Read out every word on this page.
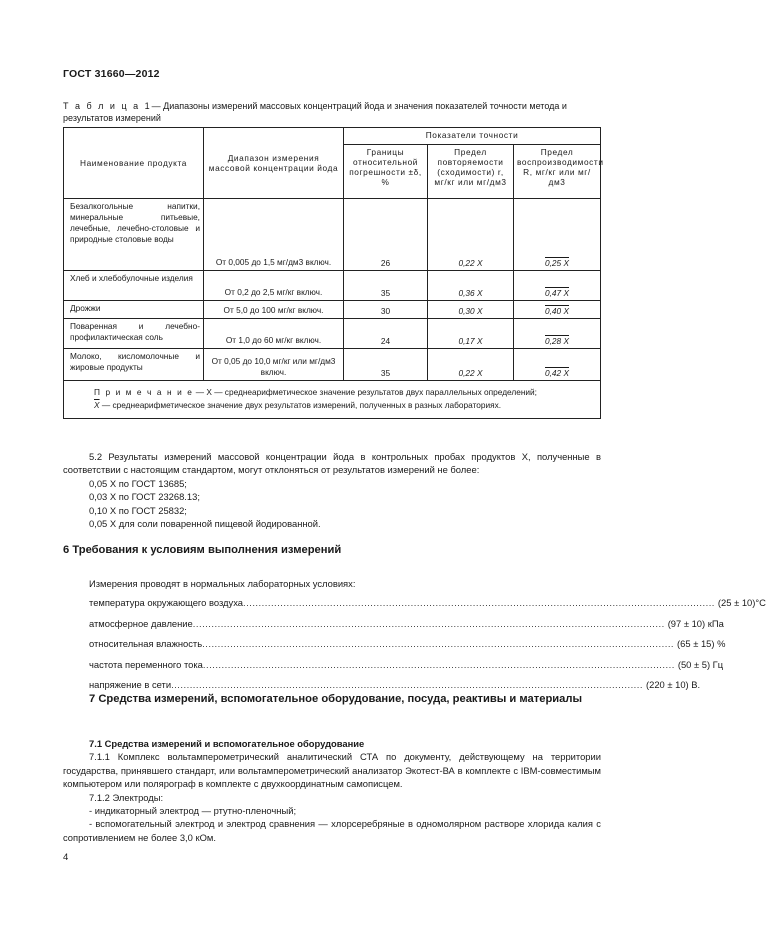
ГОСТ 31660—2012
Т а б л и ц а 1— Диапазоны измерений массовых концентраций йода и значения показателей точности метода и результатов измерений
Наименование продукта	Диапазон измерения массовой концентрации йода	Показатели точности		
		Границы относительной погрешности ±δ, %	Предел повторяемости (сходимости) r, мг/кг или мг/дм3	Предел воспроизводимости R, мг/кг или мг/дм3
Безалкогольные напитки, минеральные питьевые, лечебные, лечебно-столовые и природные столовые воды	От 0,005 до 1,5 мг/дм3 включ.	26	0,22 X	0,25 X
Хлеб и хлебобулочные изделия	От 0,2 до 2,5 мг/кг включ.	35	0,36 X	0,47 X
Дрожжи	От 5,0 до 100 мг/кг включ.	30	0,30 X	0,40 X
Поваренная и лечебно-профилактическая соль	От 1,0 до 60 мг/кг включ.	24	0,17 X	0,28 X
Молоко, кисломолочные и жировые продукты	От 0,05 до 10,0 мг/кг или мг/дм3 включ.	35	0,22 X	0,42 X

П р и м е ч а н и е — X — среднеарифметическое значение результатов двух параллельных определений;
$\overline{X}$ — среднеарифметическое значение двух результатов измерений, полученных в разных лабораториях.				

5.2 Результаты измерений массовой концентрации йода в контрольных пробах продуктов X, полученные в соответствии с настоящим стандартом, могут отклоняться от результатов измерений не более:

0,05 X по ГОСТ 13685;

0,03 X по ГОСТ 23268.13;

0,10 X по ГОСТ 25832;

0,05 X для соли поваренной пищевой йодированной.

6 Требования к условиям выполнения измерений

Измерения проводят в нормальных лабораторных условиях:

температура окружающего воздуха ........................................................................................................................................................ (25 ± 10)°C
атмосферное давление ........................................................................................................................................................ (97 ± 10) кПа
относительная влажность ........................................................................................................................................................ (65 ± 15) %
частота переменного тока ........................................................................................................................................................ (50 ± 5) Гц
напряжение в сети ........................................................................................................................................................ (220 ± 10) В.
7 Средства измерений, вспомогательное оборудование, посуда, реактивы и материалы
7.1 Средства измерений и вспомогательное оборудование

7.1.1 Комплекс вольтамперометрический аналитический СТА по документу, действующему на территории государства, принявшего стандарт, или вольтамперометрический анализатор Экотест-ВА в комплекте с IBM-совместимым компьютером или полярограф в комплекте с двухкоординатным самописцем.

7.1.2 Электроды:

- индикаторный электрод — ртутно-пленочный;

- вспомогательный электрод и электрод сравнения — хлорсеребряные в одномолярном растворе хлорида калия с сопротивлением не более 3,0 кОм.

4
